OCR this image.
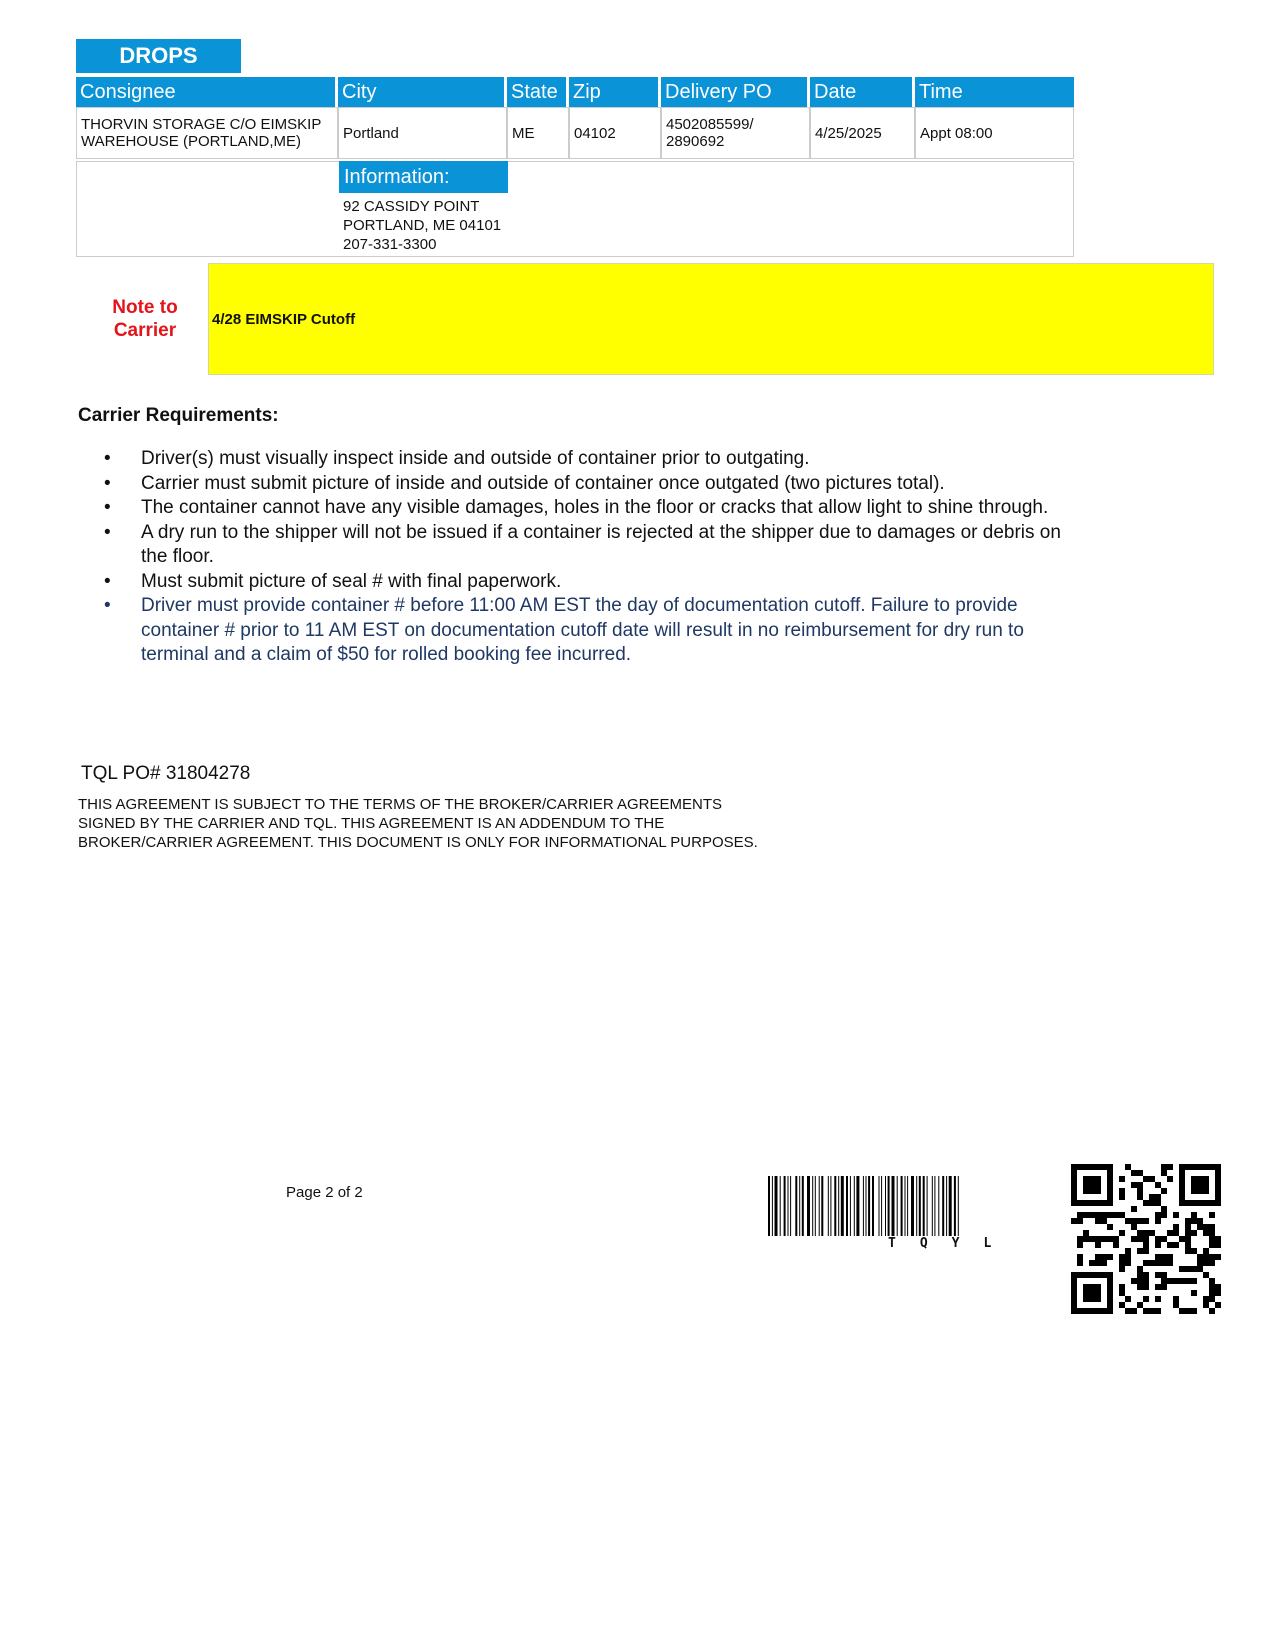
DROPS
Consignee	City	State Zip	Delivery PO	Date	Time
THORVIN STORAGE C/O EIMSKIP WAREHOUSE (PORTLAND,ME)	Portland	ME	04102	4502085599/ 2890692	4/25/2025	Appt 08:00
Information:
92 CASSIDY POINT
PORTLAND, ME 04101
207-331-3300
Note to Carrier
4/28 EIMSKIP Cutoff
Carrier Requirements:
• Driver(s) must visually inspect inside and outside of container prior to outgating.
• Carrier must submit picture of inside and outside of container once outgated (two pictures total).
• The container cannot have any visible damages, holes in the floor or cracks that allow light to shine through.
• A dry run to the shipper will not be issued if a container is rejected at the shipper due to damages or debris on the floor.
• Must submit picture of seal # with final paperwork.
• Driver must provide container # before 11:00 AM EST the day of documentation cutoff. Failure to provide container # prior to 11 AM EST on documentation cutoff date will result in no reimbursement for dry run to terminal and a claim of $50 for rolled booking fee incurred.
TQL PO# 31804278
THIS AGREEMENT IS SUBJECT TO THE TERMS OF THE BROKER/CARRIER AGREEMENTS SIGNED BY THE CARRIER AND TQL. THIS AGREEMENT IS AN ADDENDUM TO THE BROKER/CARRIER AGREEMENT. THIS DOCUMENT IS ONLY FOR INFORMATIONAL PURPOSES.
Page 2 of 2
TQYL
